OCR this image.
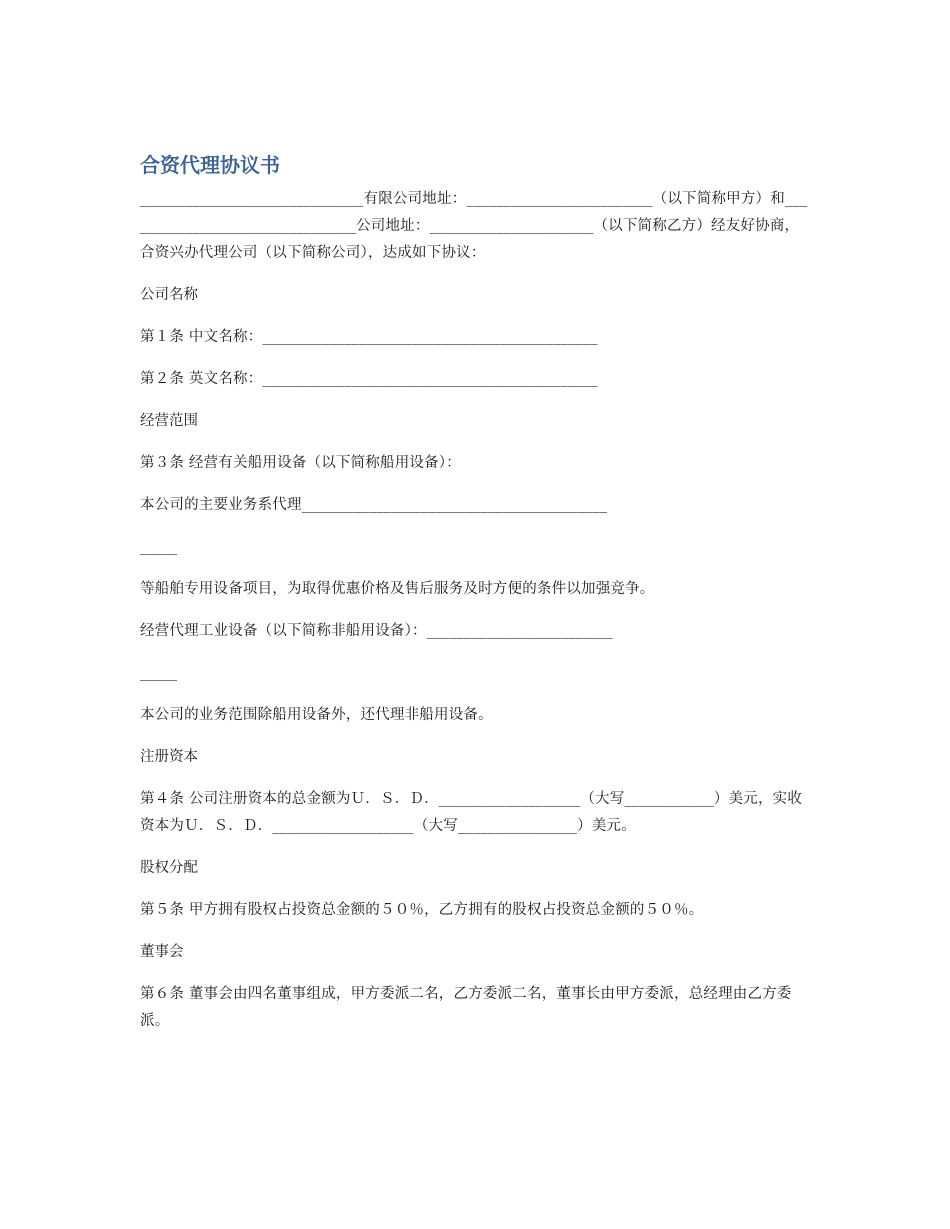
合资代理协议书

______________________________有限公司地址：_________________________（以下简称甲方）和________________________________公司地址：______________________（以下简称乙方）经友好协商，合资兴办代理公司（以下简称公司），达成如下协议：

公司名称

第１条 中文名称：_____________________________________________

第２条 英文名称：_____________________________________________

经营范围

第３条 经营有关船用设备（以下简称船用设备）：

本公司的主要业务系代理_________________________________________

_____

等船舶专用设备项目，为取得优惠价格及售后服务及时方便的条件以加强竞争。

经营代理工业设备（以下简称非船用设备）：_________________________

_____

本公司的业务范围除船用设备外，还代理非船用设备。

注册资本

第４条 公司注册资本的总金额为Ｕ．Ｓ．Ｄ．___________________（大写____________）美元，实收资本为Ｕ．Ｓ．Ｄ．___________________（大写________________）美元。

股权分配

第５条 甲方拥有股权占投资总金额的５０％，乙方拥有的股权占投资总金额的５０％。

董事会

第６条 董事会由四名董事组成，甲方委派二名，乙方委派二名，董事长由甲方委派，总经理由乙方委派。
